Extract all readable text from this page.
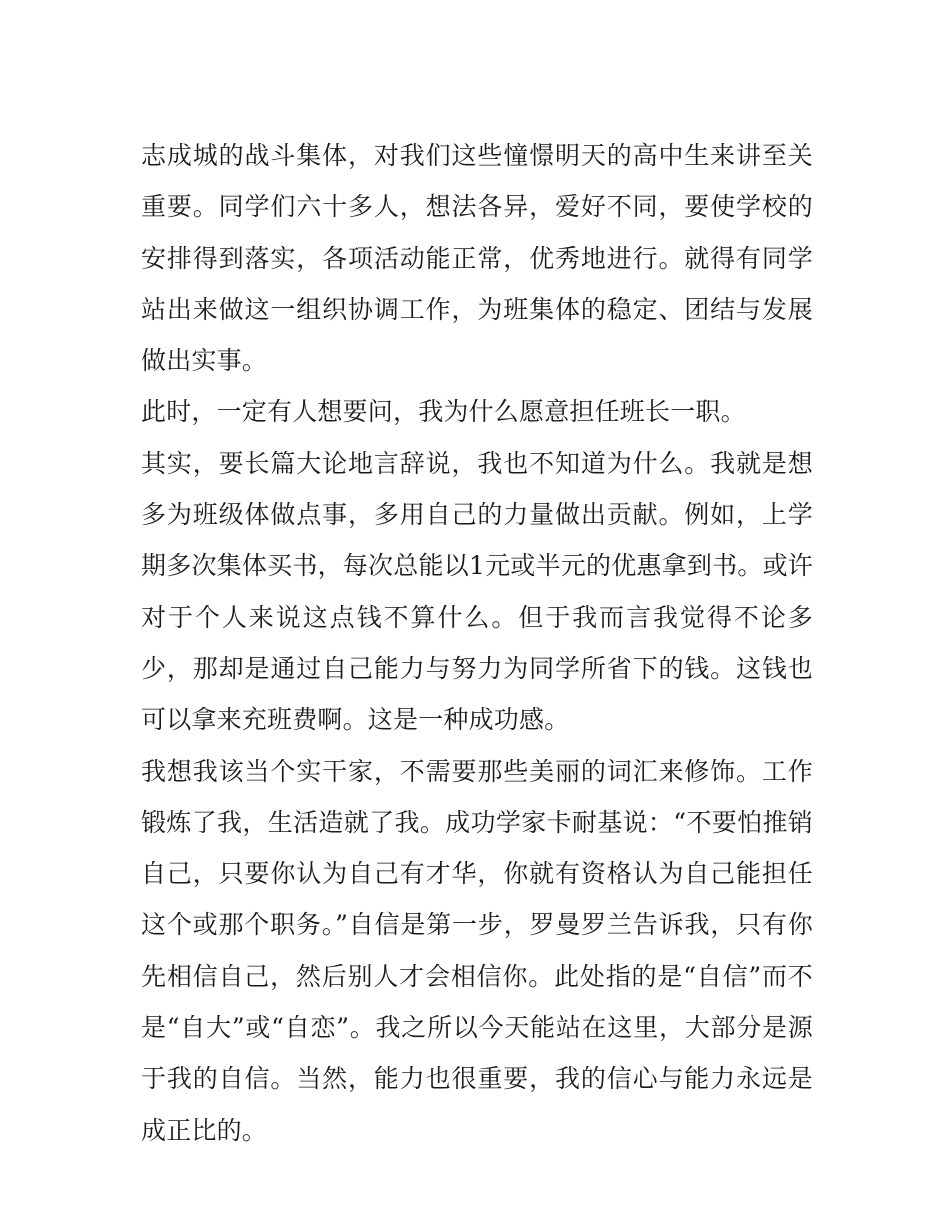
志成城的战斗集体，对我们这些憧憬明天的高中生来讲至关重要。同学们六十多人，想法各异，爱好不同，要使学校的安排得到落实，各项活动能正常，优秀地进行。就得有同学站出来做这一组织协调工作，为班集体的稳定、团结与发展做出实事。

此时，一定有人想要问，我为什么愿意担任班长一职。

其实，要长篇大论地言辞说，我也不知道为什么。我就是想多为班级体做点事，多用自己的力量做出贡献。例如，上学期多次集体买书，每次总能以1元或半元的优惠拿到书。或许对于个人来说这点钱不算什么。但于我而言我觉得不论多少，那却是通过自己能力与努力为同学所省下的钱。这钱也可以拿来充班费啊。这是一种成功感。

我想我该当个实干家，不需要那些美丽的词汇来修饰。工作锻炼了我，生活造就了我。成功学家卡耐基说：“不要怕推销自己，只要你认为自己有才华，你就有资格认为自己能担任这个或那个职务。”自信是第一步，罗曼罗兰告诉我，只有你先相信自己，然后别人才会相信你。此处指的是“自信”而不是“自大”或“自恋”。我之所以今天能站在这里，大部分是源于我的自信。当然，能力也很重要，我的信心与能力永远是成正比的。
